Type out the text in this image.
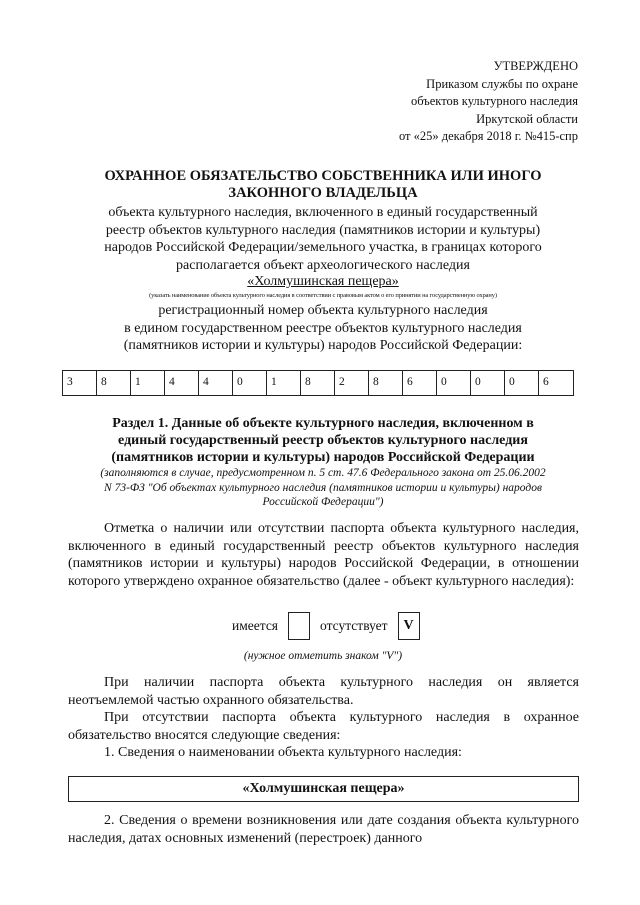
УТВЕРЖДЕНО
Приказом службы по охране
объектов культурного наследия
Иркутской области
от «25» декабря 2018 г. №415-спр
ОХРАННОЕ ОБЯЗАТЕЛЬСТВО СОБСТВЕННИКА ИЛИ ИНОГО
ЗАКОННОГО ВЛАДЕЛЬЦА
объекта культурного наследия, включенного в единый государственный
реестр объектов культурного наследия (памятников истории и культуры)
народов Российской Федерации/земельного участка, в границах которого
располагается объект археологического наследия
«Холмушинская пещера»
(указать наименование объекта культурного наследия в соответствии с правовым актом о его принятии на государственную охрану)
регистрационный номер объекта культурного наследия
в едином государственном реестре объектов культурного наследия
(памятников истории и культуры) народов Российской Федерации:
3	8	1	4	4	0	1	8	2	8	6	0	0	0	6
Раздел 1. Данные об объекте культурного наследия, включенном в
единый государственный реестр объектов культурного наследия
(памятников истории и культуры) народов Российской Федерации
(заполняются в случае, предусмотренном п. 5 ст. 47.6 Федерального закона от 25.06.2002
N 73-ФЗ "Об объектах культурного наследия (памятников истории и культуры) народов
Российской Федерации")
Отметка о наличии или отсутствии паспорта объекта культурного наследия, включенного в единый государственный реестр объектов культурного наследия (памятников истории и культуры) народов Российской Федерации, в отношении которого утверждено охранное обязательство (далее - объект культурного наследия):
имеется	отсутствует	V
(нужное отметить знаком "V")
При наличии паспорта объекта культурного наследия он является неотъемлемой частью охранного обязательства.
При отсутствии паспорта объекта культурного наследия в охранное обязательство вносятся следующие сведения:
1. Сведения о наименовании объекта культурного наследия:
«Холмушинская пещера»
2. Сведения о времени возникновения или дате создания объекта культурного наследия, датах основных изменений (перестроек) данного
